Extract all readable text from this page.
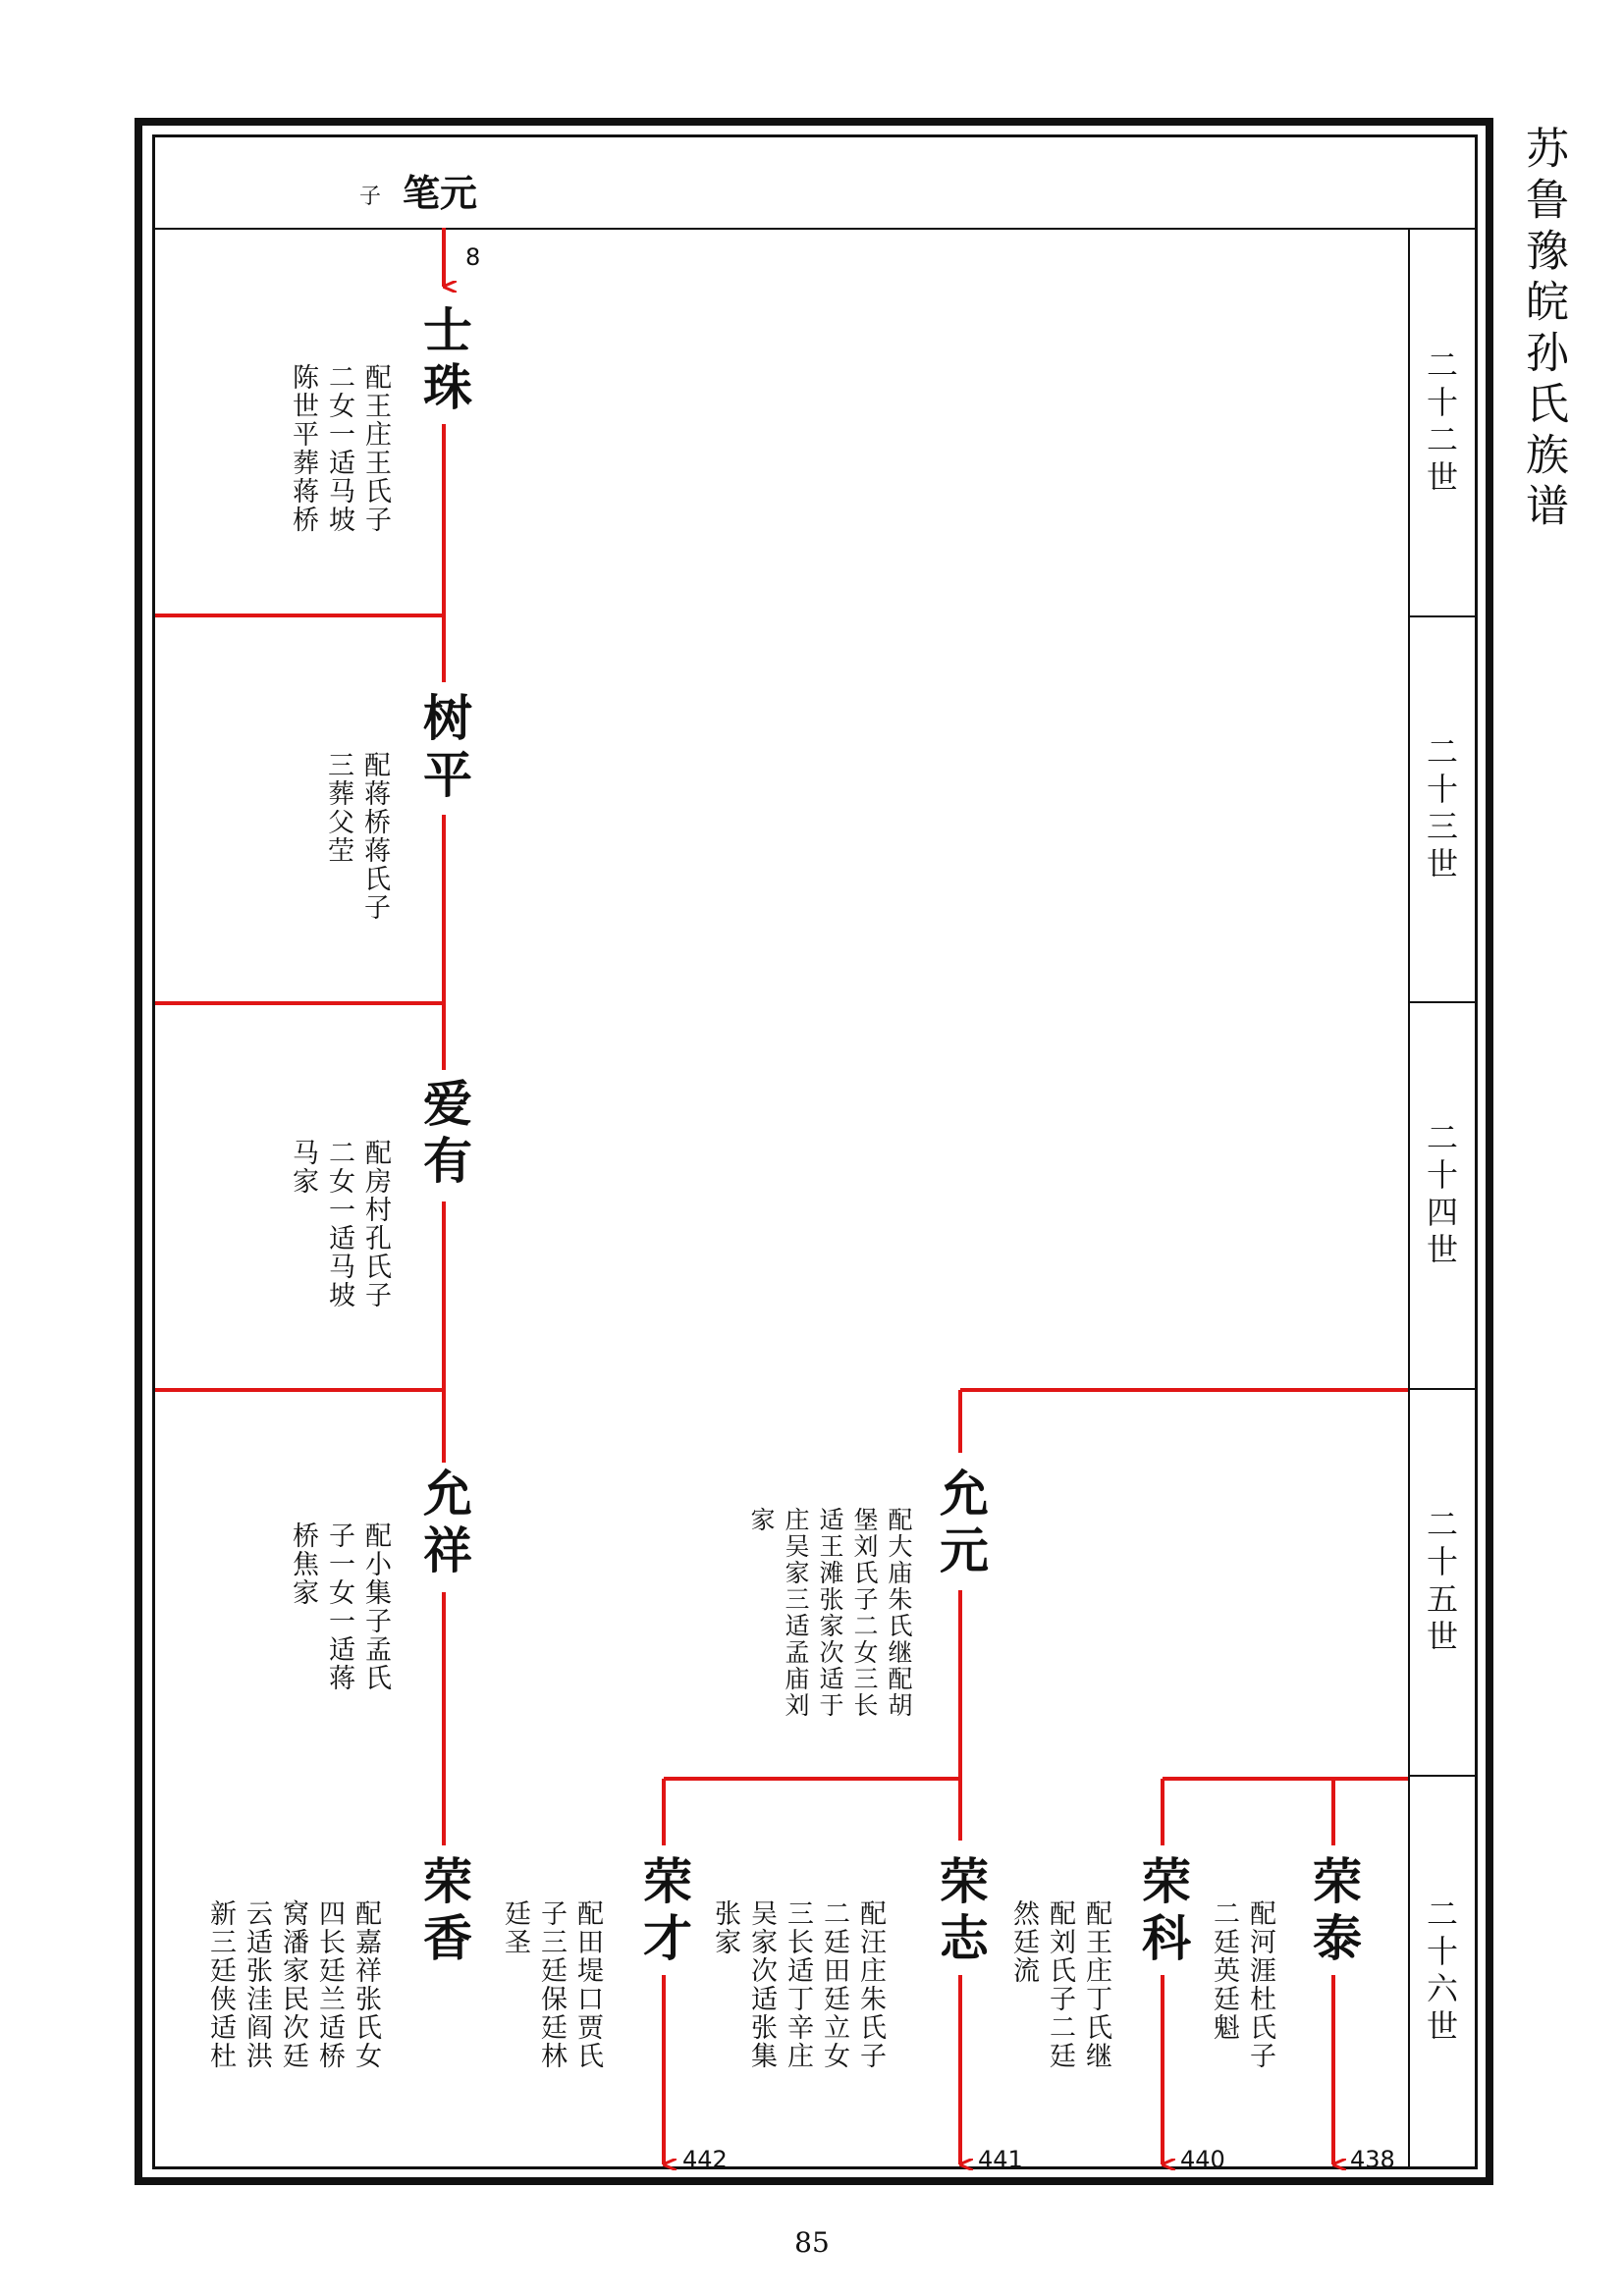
苏鲁豫皖孙氏族谱
二十二世
二十三世
二十四世
二十五世
二十六世
子 笔元
8
士珠
配王庄王氏子
二女一适马坡
陈世平葬蒋桥
树平
配蒋桥蒋氏子
三葬父茔
爱有
配房村孔氏子
二女一适马坡
马家
允祥
配小集子孟氏
子一女一适蒋
桥焦家	允元
配大庙朱氏继配胡
堡刘氏子二女三长
适王滩张家次适于
庄吴家三适孟庙刘
家
荣香
配嘉祥张氏女
四长廷兰适桥
窝潘家民次廷
云适张洼阎洪
新三廷侠适杜	荣才
配田堤口贾氏
子三廷保廷林
廷圣	荣志
配汪庄朱氏子
二廷田廷立女
三长适丁辛庄
吴家次适张集
张家	荣科
配王庄丁氏继
配刘氏子二廷
然廷流	荣泰
配河涯杜氏子
二廷英廷魁
442	441	440	438
85
